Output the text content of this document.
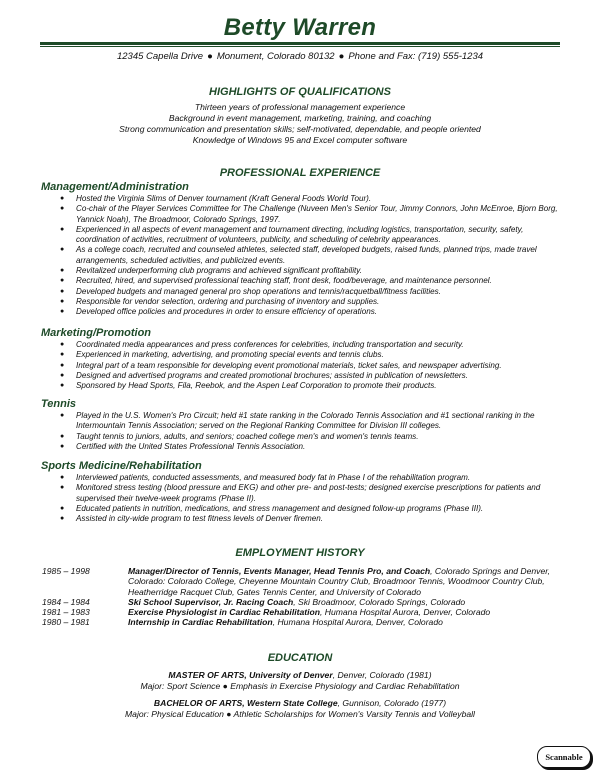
Betty Warren
12345 Capella Drive ● Monument, Colorado 80132 ● Phone and Fax: (719) 555-1234
HIGHLIGHTS OF QUALIFICATIONS
Thirteen years of professional management experience
Background in event management, marketing, training, and coaching
Strong communication and presentation skills; self-motivated, dependable, and people oriented
Knowledge of Windows 95 and Excel computer software
PROFESSIONAL EXPERIENCE
Management/Administration
● Hosted the Virginia Slims of Denver tournament (Kraft General Foods World Tour).
● Co-chair of the Player Services Committee for The Challenge (Nuveen Men's Senior Tour, Jimmy Connors, John McEnroe, Bjorn Borg, Yannick Noah), The Broadmoor, Colorado Springs, 1997.
● Experienced in all aspects of event management and tournament directing, including logistics, transportation, security, safety, coordination of activities, recruitment of volunteers, publicity, and scheduling of celebrity appearances.
● As a college coach, recruited and counseled athletes, selected staff, developed budgets, raised funds, planned trips, made travel arrangements, scheduled activities, and publicized events.
● Revitalized underperforming club programs and achieved significant profitability.
● Recruited, hired, and supervised professional teaching staff, front desk, food/beverage, and maintenance personnel.
● Developed budgets and managed general pro shop operations and tennis/racquetball/fitness facilities.
● Responsible for vendor selection, ordering and purchasing of inventory and supplies.
● Developed office policies and procedures in order to ensure efficiency of operations.
Marketing/Promotion
● Coordinated media appearances and press conferences for celebrities, including transportation and security.
● Experienced in marketing, advertising, and promoting special events and tennis clubs.
● Integral part of a team responsible for developing event promotional materials, ticket sales, and newspaper advertising.
● Designed and advertised programs and created promotional brochures; assisted in publication of newsletters.
● Sponsored by Head Sports, Fila, Reebok, and the Aspen Leaf Corporation to promote their products.
Tennis
● Played in the U.S. Women's Pro Circuit; held #1 state ranking in the Colorado Tennis Association and #1 sectional ranking in the Intermountain Tennis Association; served on the Regional Ranking Committee for Division III colleges.
● Taught tennis to juniors, adults, and seniors; coached college men's and women's tennis teams.
● Certified with the United States Professional Tennis Association.
Sports Medicine/Rehabilitation
● Interviewed patients, conducted assessments, and measured body fat in Phase I of the rehabilitation program.
● Monitored stress testing (blood pressure and EKG) and other pre- and post-tests; designed exercise prescriptions for patients and supervised their twelve-week programs (Phase II).
● Educated patients in nutrition, medications, and stress management and designed follow-up programs (Phase III).
● Assisted in city-wide program to test fitness levels of Denver firemen.
EMPLOYMENT HISTORY
1985 – 1998	Manager/Director of Tennis, Events Manager, Head Tennis Pro, and Coach, Colorado Springs and Denver, Colorado: Colorado College, Cheyenne Mountain Country Club, Broadmoor Tennis, Woodmoor Country Club, Heatherridge Racquet Club, Gates Tennis Center, and University of Colorado
1984 – 1984	Ski School Supervisor, Jr. Racing Coach, Ski Broadmoor, Colorado Springs, Colorado
1981 – 1983	Exercise Physiologist in Cardiac Rehabilitation, Humana Hospital Aurora, Denver, Colorado
1980 – 1981	Internship in Cardiac Rehabilitation, Humana Hospital Aurora, Denver, Colorado
EDUCATION
MASTER OF ARTS, University of Denver, Denver, Colorado (1981)
Major: Sport Science ● Emphasis in Exercise Physiology and Cardiac Rehabilitation
BACHELOR OF ARTS, Western State College, Gunnison, Colorado (1977)
Major: Physical Education ● Athletic Scholarships for Women's Varsity Tennis and Volleyball
Scannable
